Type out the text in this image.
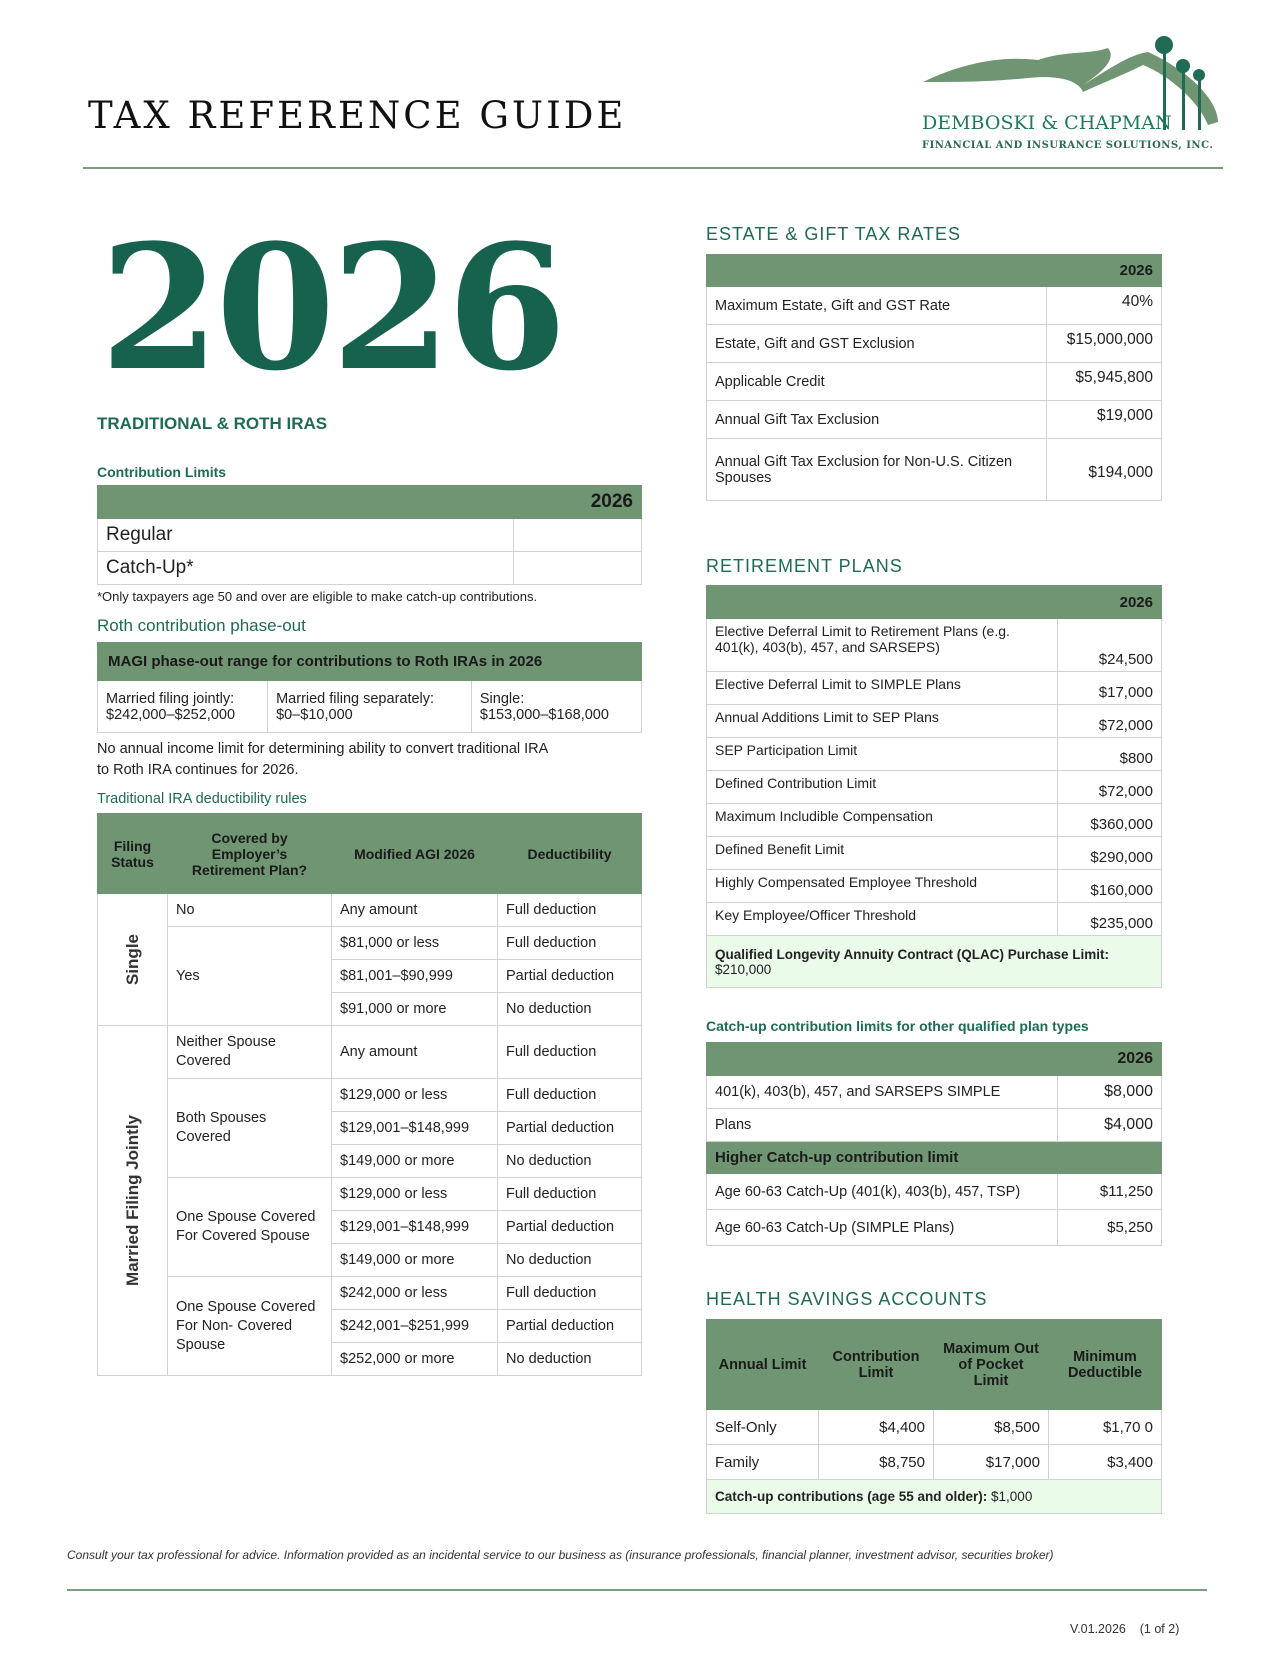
TAX REFERENCE GUIDE	DEMBOSKI & CHAPMAN
FINANCIAL AND INSURANCE SOLUTIONS, INC.
2026
TRADITIONAL & ROTH IRAS
Contribution Limits
2026	
Regular	
Catch-Up*	
*Only taxpayers age 50 and over are eligible to make catch-up contributions.
Roth contribution phase-out
MAGI phase-out range for contributions to Roth IRAs in 2026

Married filing jointly:
$242,000–$252,000

Married filing separately:
$0–$10,000

Single:
$153,000–$168,000
No annual income limit for determining ability to convert traditional IRA
to Roth IRA continues for 2026.
Traditional IRA deductibility rules
Filing Status	Covered by Employer’s Retirement Plan?	Modified AGI 2026	Deductibility

Single	No	Any amount	Full deduction
	Yes	$81,000 or less	Full deduction
		$81,001–$90,999	Partial deduction
		$91,000 or more	No deduction

Married Filing Jointly	Neither Spouse Covered	Any amount	Full deduction
	Both Spouses Covered	$129,000 or less	Full deduction
		$129,001–$148,999	Partial deduction
		$149,000 or more	No deduction
	One Spouse Covered For Covered Spouse	$129,000 or less	Full deduction
		$129,001–$148,999	Partial deduction
		$149,000 or more	No deduction
	One Spouse Covered For Non- Covered Spouse	$242,000 or less	Full deduction
		$242,001–$251,999	Partial deduction
		$252,000 or more	No deduction
ESTATE & GIFT TAX RATES
2026	
Maximum Estate, Gift and GST Rate	40%
Estate, Gift and GST Exclusion	$15,000,000
Applicable Credit	$5,945,800
Annual Gift Tax Exclusion	$19,000
Annual Gift Tax Exclusion for Non-U.S. Citizen Spouses	$194,000
RETIREMENT PLANS
2026	
Elective Deferral Limit to Retirement Plans (e.g. 401(k), 403(b), 457, and SARSEPS)	$24,500
Elective Deferral Limit to SIMPLE Plans	$17,000
Annual Additions Limit to SEP Plans	$72,000
SEP Participation Limit	$800
Defined Contribution Limit	$72,000
Maximum Includible Compensation	$360,000
Defined Benefit Limit	$290,000
Highly Compensated Employee Threshold	$160,000
Key Employee/Officer Threshold	$235,000
Qualified Longevity Annuity Contract (QLAC) Purchase Limit:
$210,000	
Catch-up contribution limits for other qualified plan types
2026	
401(k), 403(b), 457, and SARSEPS SIMPLE	$8,000
Plans	$4,000
Higher Catch-up contribution limit	
Age 60-63 Catch-Up (401(k), 403(b), 457, TSP)	$11,250
Age 60-63 Catch-Up (SIMPLE Plans)	$5,250
HEALTH SAVINGS ACCOUNTS
Annual Limit	Contribution Limit	Maximum Out of Pocket Limit	Minimum Deductible
Self-Only	$4,400	$8,500	$1,70 0
Family	$8,750	$17,000	$3,400
Catch-up contributions (age 55 and older): $1,000			
Consult your tax professional for advice. Information provided as an incidental service to our business as (insurance professionals, financial planner, investment advisor, securities broker)
V.01.2026 (1 of 2)
